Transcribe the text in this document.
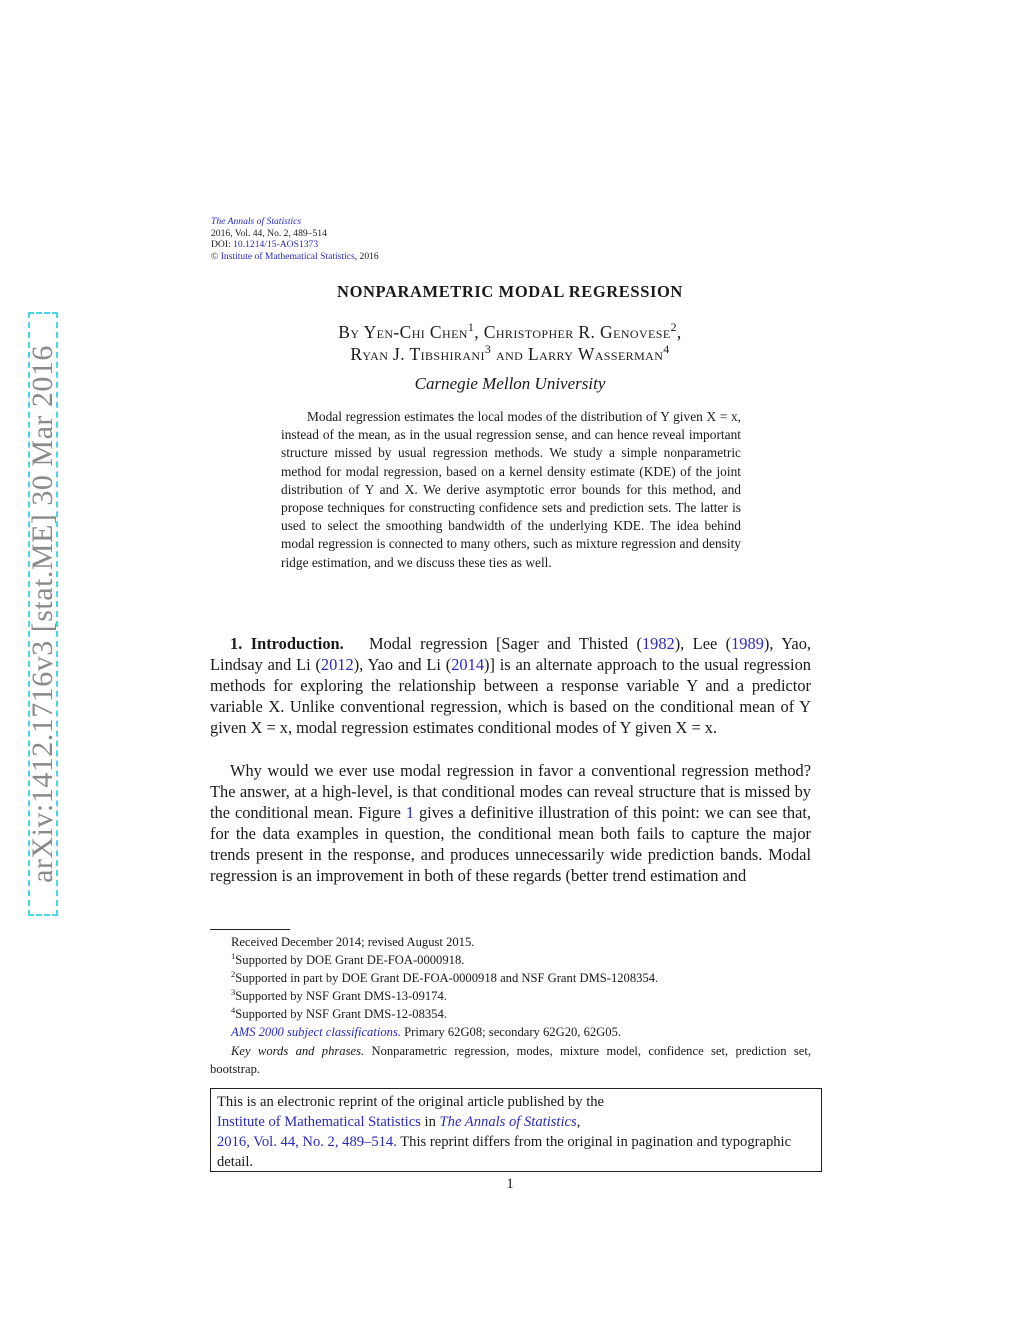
arXiv:1412.1716v3 [stat.ME] 30 Mar 2016
The Annals of Statistics
2016, Vol. 44, No. 2, 489–514
DOI: 10.1214/15-AOS1373
© Institute of Mathematical Statistics, 2016
NONPARAMETRIC MODAL REGRESSION
By Yen-Chi Chen$^1$, Christopher R. Genovese$^2$,
Ryan J. Tibshirani$^3$ and Larry Wasserman$^4$
Carnegie Mellon University

Modal regression estimates the local modes of the distribution of Y given X = x, instead of the mean, as in the usual regression sense, and can hence reveal important structure missed by usual regression methods. We study a simple nonparametric method for modal regression, based on a kernel density estimate (KDE) of the joint distribution of Y and X. We derive asymptotic error bounds for this method, and propose techniques for constructing confidence sets and prediction sets. The latter is used to select the smoothing bandwidth of the underlying KDE. The idea behind modal regression is connected to many others, such as mixture regression and density ridge estimation, and we discuss these ties as well.

1. Introduction. Modal regression [Sager and Thisted (1982), Lee (1989), Yao, Lindsay and Li (2012), Yao and Li (2014)] is an alternate approach to the usual regression methods for exploring the relationship between a response variable Y and a predictor variable X. Unlike conventional regression, which is based on the conditional mean of Y given X = x, modal regression estimates conditional modes of Y given X = x.

Why would we ever use modal regression in favor a conventional regression method? The answer, at a high-level, is that conditional modes can reveal structure that is missed by the conditional mean. Figure 1 gives a definitive illustration of this point: we can see that, for the data examples in question, the conditional mean both fails to capture the major trends present in the response, and produces unnecessarily wide prediction bands. Modal regression is an improvement in both of these regards (better trend estimation and

Received December 2014; revised August 2015.

$^1$Supported by DOE Grant DE-FOA-0000918.

$^2$Supported in part by DOE Grant DE-FOA-0000918 and NSF Grant DMS-1208354.

$^3$Supported by NSF Grant DMS-13-09174.

$^4$Supported by NSF Grant DMS-12-08354.

AMS 2000 subject classifications. Primary 62G08; secondary 62G20, 62G05.

Key words and phrases. Nonparametric regression, modes, mixture model, confidence set, prediction set, bootstrap.

This is an electronic reprint of the original article published by the
Institute of Mathematical Statistics in The Annals of Statistics,
2016, Vol. 44, No. 2, 489–514. This reprint differs from the original in pagination and typographic detail.
1
